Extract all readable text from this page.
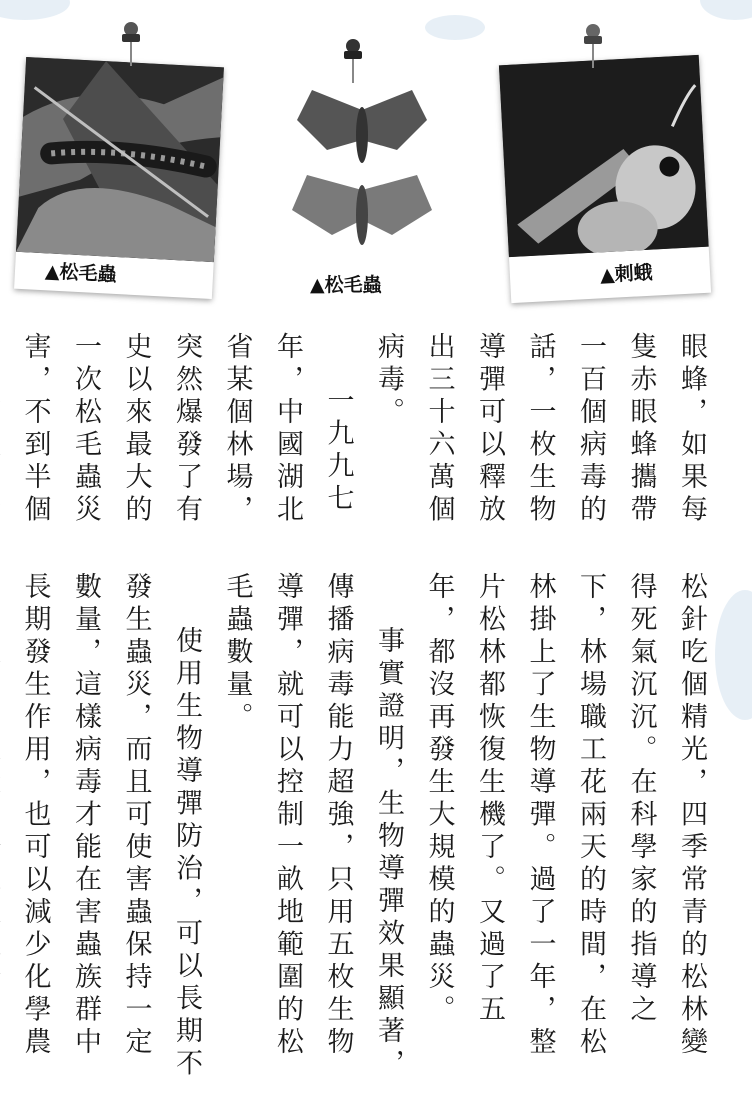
▲松毛蟲	▲松毛蟲	▲刺蛾

眼蜂，如果每隻赤眼蜂攜帶一百個病毒的話，一枚生物導彈可以釋放出三十六萬個病毒。

一九九七年，中國湖北省某個林場，突然爆發了有史以來最大的一次松毛蟲災害，不到半個

松針吃個精光，四季常青的松林變得死氣沉沉。在科學家的指導之下，林場職工花兩天的時間，在松林掛上了生物導彈。過了一年，整片松林都恢復生機了。又過了五年，都沒再發生大規模的蟲災。

事實證明，生物導彈效果顯著，傳播病毒能力超強，只用五枚生物導彈，就可以控制一畝地範圍的松毛蟲數量。

使用生物導彈防治，可以長期不發生蟲災，而且可使害蟲保持一定數量，這樣病毒才能在害蟲族群中長期發生作用，也可以減少化學農
